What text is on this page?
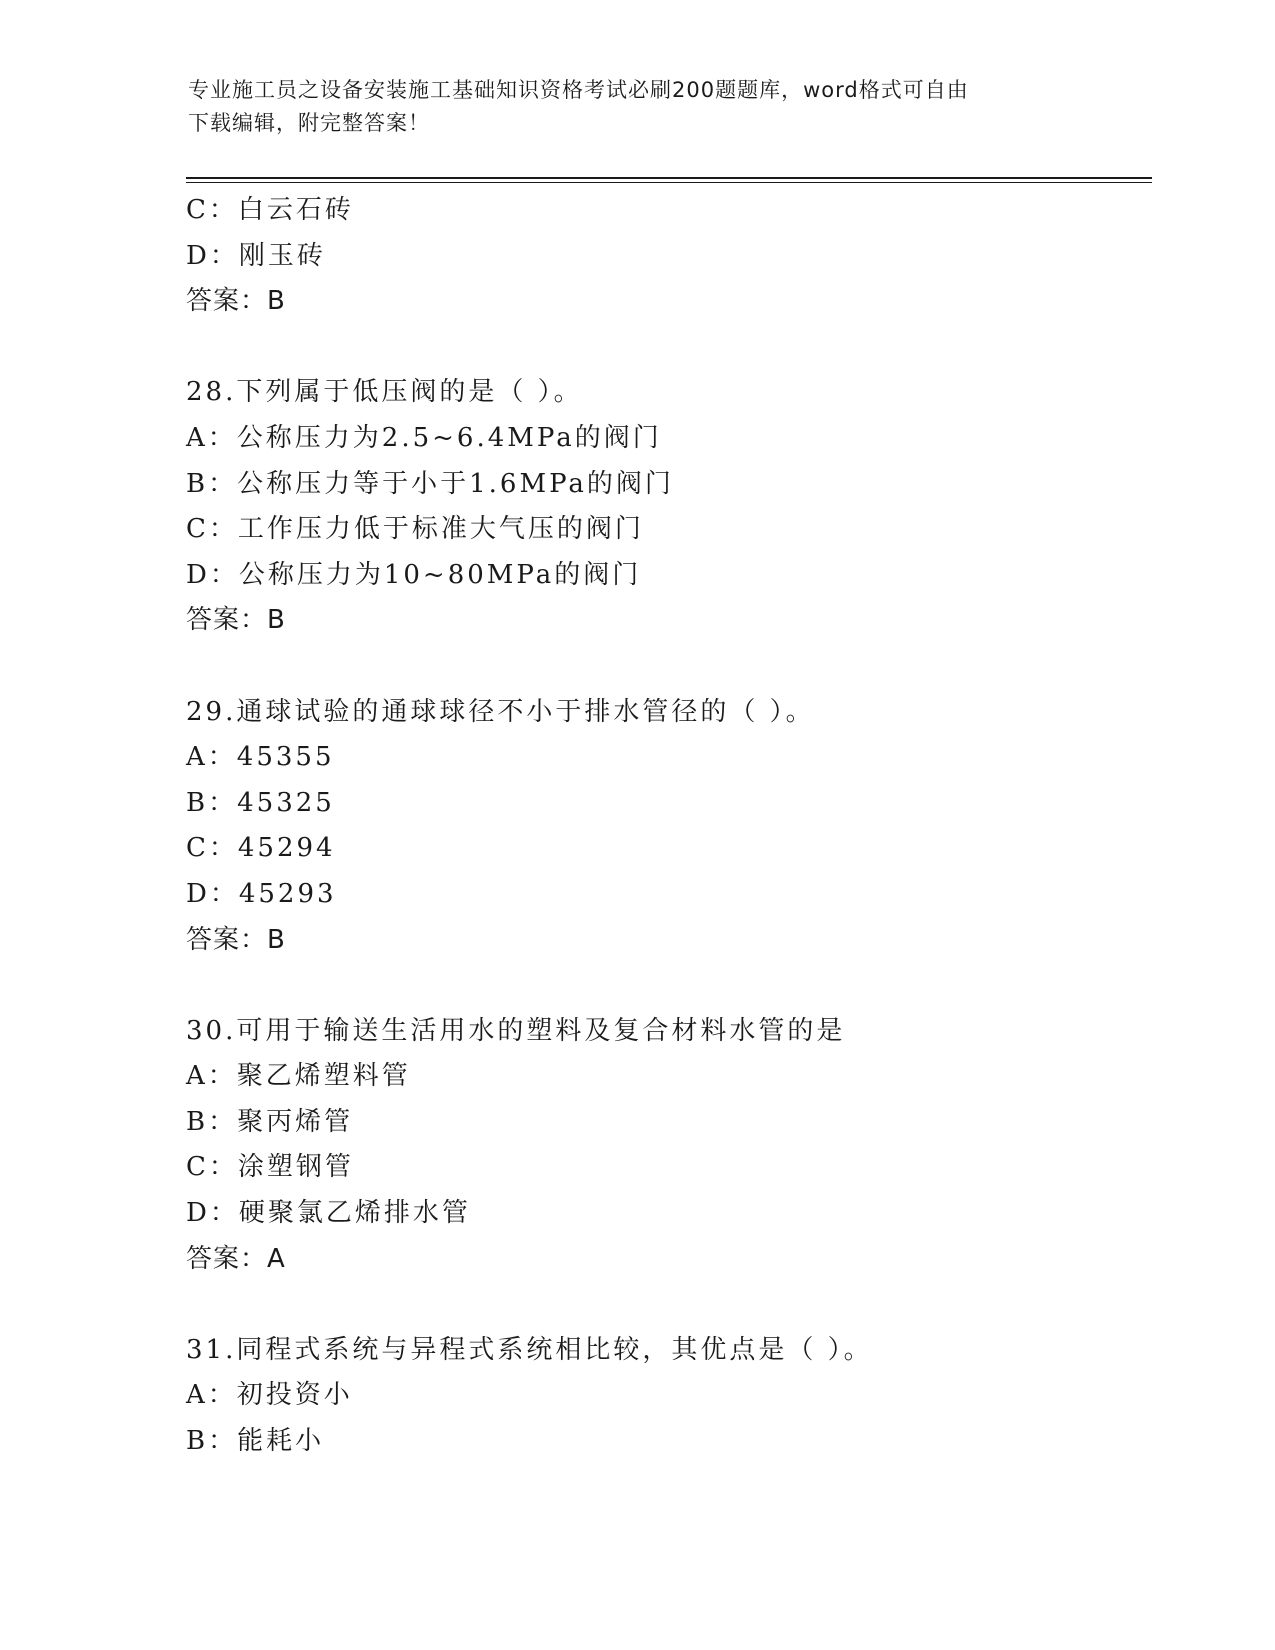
专业施工员之设备安装施工基础知识资格考试必刷200题题库，word格式可自由
下载编辑，附完整答案！
C：白云石砖
D：刚玉砖
答案：B
28.下列属于低压阀的是（ ）。
A：公称压力为2.5~6.4MPa的阀门
B：公称压力等于小于1.6MPa的阀门
C：工作压力低于标准大气压的阀门
D：公称压力为10~80MPa的阀门
答案：B
29.通球试验的通球球径不小于排水管径的（ ）。
A：45355
B：45325
C：45294
D：45293
答案：B
30.可用于输送生活用水的塑料及复合材料水管的是
A：聚乙烯塑料管
B：聚丙烯管
C：涂塑钢管
D：硬聚氯乙烯排水管
答案：A
31.同程式系统与异程式系统相比较，其优点是（ ）。
A：初投资小
B：能耗小
